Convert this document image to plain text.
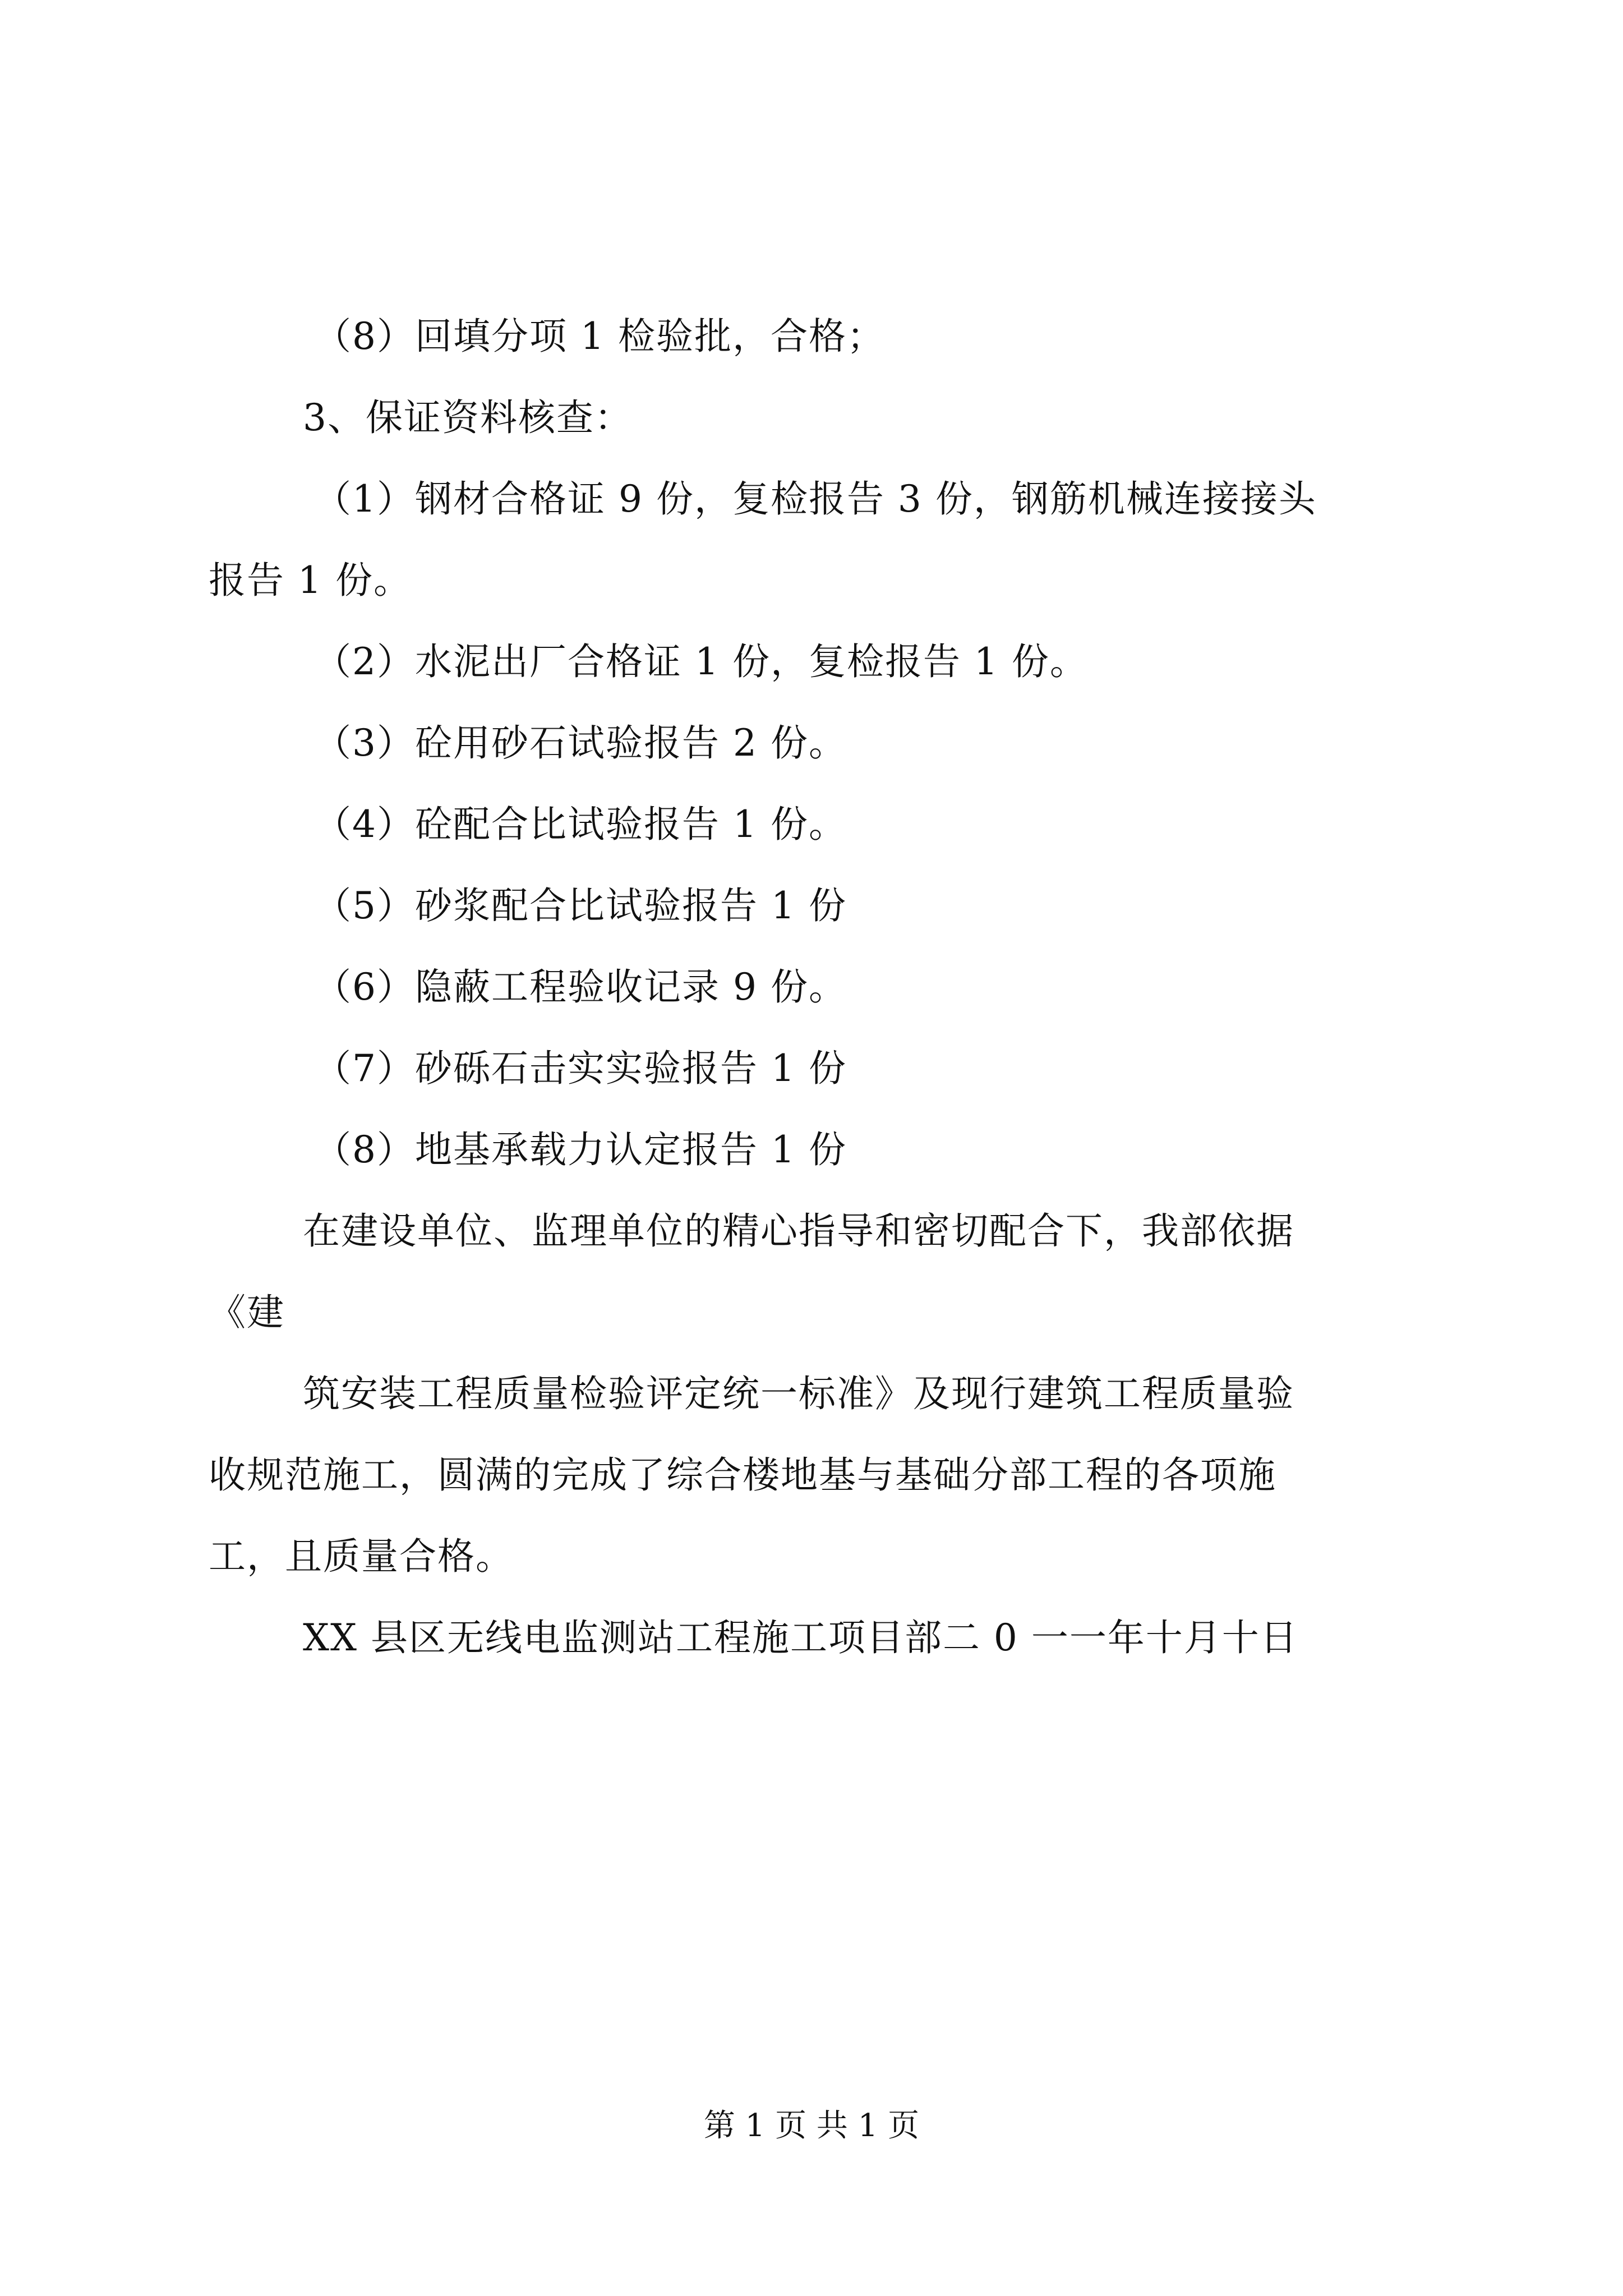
（8）回填分项 1 检验批，合格；

3、保证资料核查：

（1）钢材合格证 9 份，复检报告 3 份，钢筋机械连接接头

报告 1 份。

（2）水泥出厂合格证 1 份，复检报告 1 份。

（3）砼用砂石试验报告 2 份。

（4）砼配合比试验报告 1 份。

（5）砂浆配合比试验报告 1 份

（6）隐蔽工程验收记录 9 份。

（7）砂砾石击实实验报告 1 份

（8）地基承载力认定报告 1 份

在建设单位、监理单位的精心指导和密切配合下，我部依据

《建

筑安装工程质量检验评定统一标准》及现行建筑工程质量验

收规范施工，圆满的完成了综合楼地基与基础分部工程的各项施

工，且质量合格。

XX 县区无线电监测站工程施工项目部二 0 一一年十月十日

第 1 页 共 1 页
